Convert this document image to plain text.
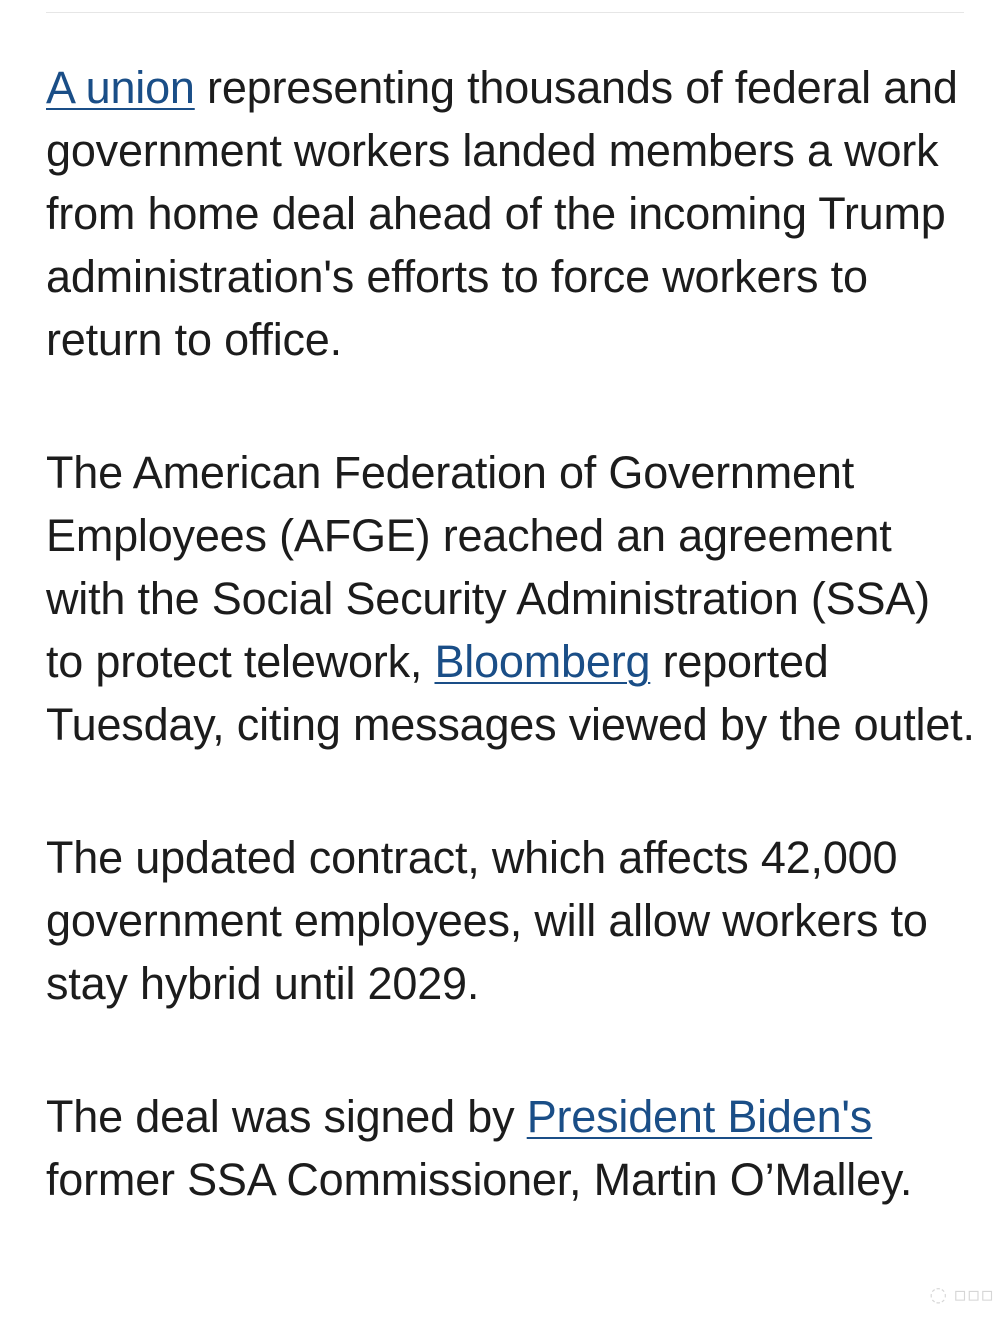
A union representing thousands of federal and government workers landed members a work from home deal ahead of the incoming Trump administration's efforts to force workers to return to office.

The American Federation of Government Employees (AFGE) reached an agreement with the Social Security Administration (SSA) to protect telework, Bloomberg reported Tuesday, citing messages viewed by the outlet.

The updated contract, which affects 42,000 government employees, will allow workers to stay hybrid until 2029.

The deal was signed by President Biden's former SSA Commissioner, Martin O’Malley.

◌ ▫▫▫
